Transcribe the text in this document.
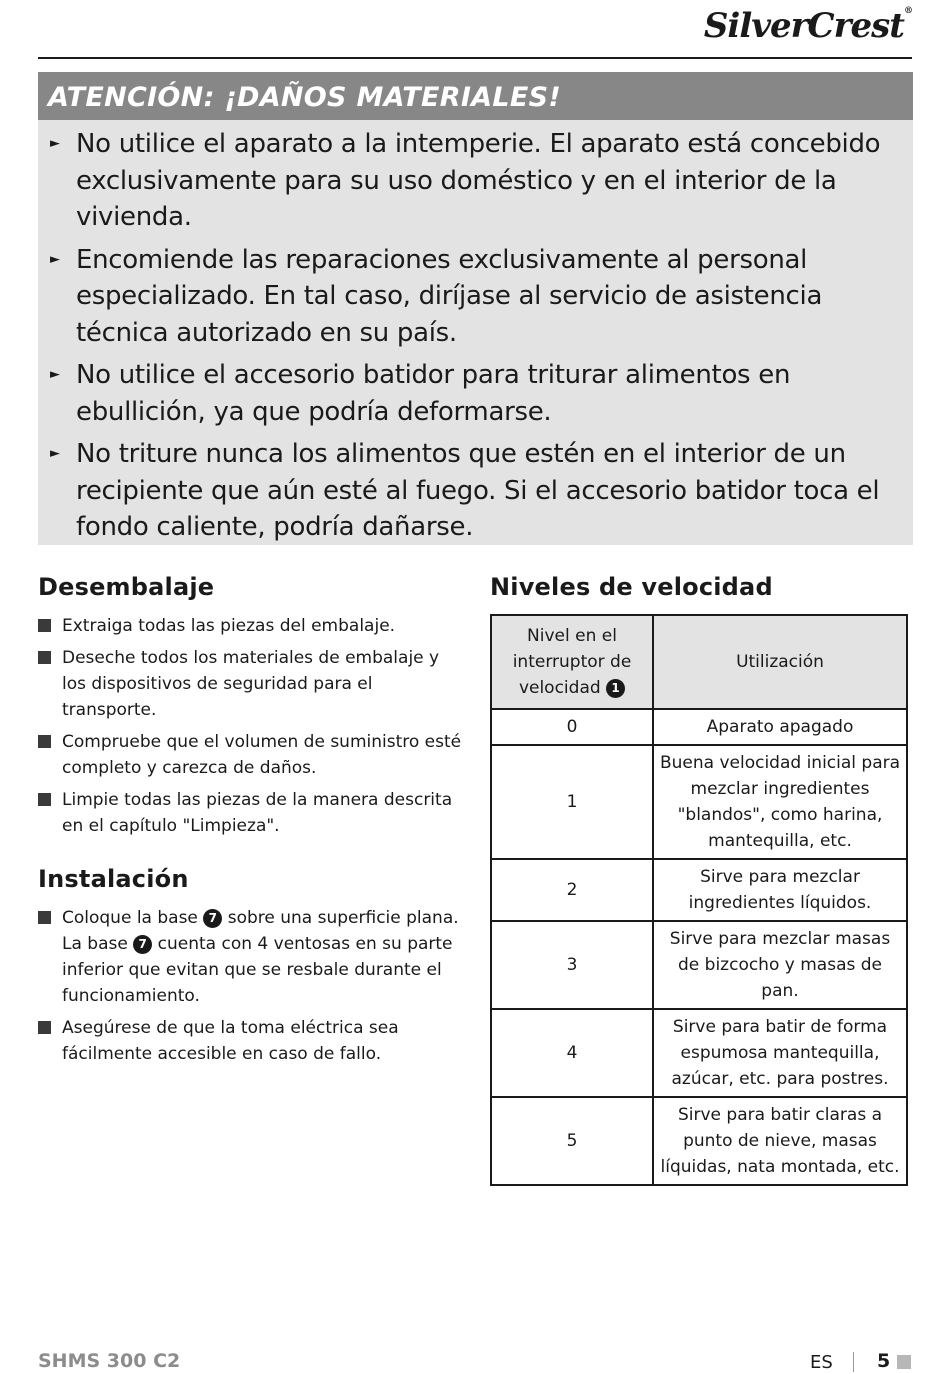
SilverCrest®
ATENCIÓN: ¡DAÑOS MATERIALES!
► No utilice el aparato a la intemperie. El aparato está concebido exclusivamente para su uso doméstico y en el interior de la vivienda.
► Encomiende las reparaciones exclusivamente al personal especializado. En tal caso, diríjase al servicio de asistencia técnica autorizado en su país.
► No utilice el accesorio batidor para triturar alimentos en ebullición, ya que podría deformarse.
► No triture nunca los alimentos que estén en el interior de un recipiente que aún esté al fuego. Si el accesorio batidor toca el fondo caliente, podría dañarse.
Desembalaje
Extraiga todas las piezas del embalaje.
Deseche todos los materiales de embalaje y los dispositivos de seguridad para el transporte.
Compruebe que el volumen de suministro esté completo y carezca de daños.
Limpie todas las piezas de la manera descrita en el capítulo "Limpieza".
Instalación
Coloque la base 7 sobre una superficie plana. La base 7 cuenta con 4 ventosas en su parte inferior que evitan que se resbale durante el funcionamiento.
Asegúrese de que la toma eléctrica sea fácilmente accesible en caso de fallo.
Niveles de velocidad
Nivel en el interruptor de velocidad 1	Utilización
0	Aparato apagado
1	Buena velocidad inicial para mezclar ingredientes "blandos", como harina, mantequilla, etc.
2	Sirve para mezclar ingredientes líquidos.
3	Sirve para mezclar masas de bizcocho y masas de pan.
4	Sirve para batir de forma espumosa mantequilla, azúcar, etc. para postres.
5	Sirve para batir claras a punto de nieve, masas líquidas, nata montada, etc.
SHMS 300 C2	ES 5
